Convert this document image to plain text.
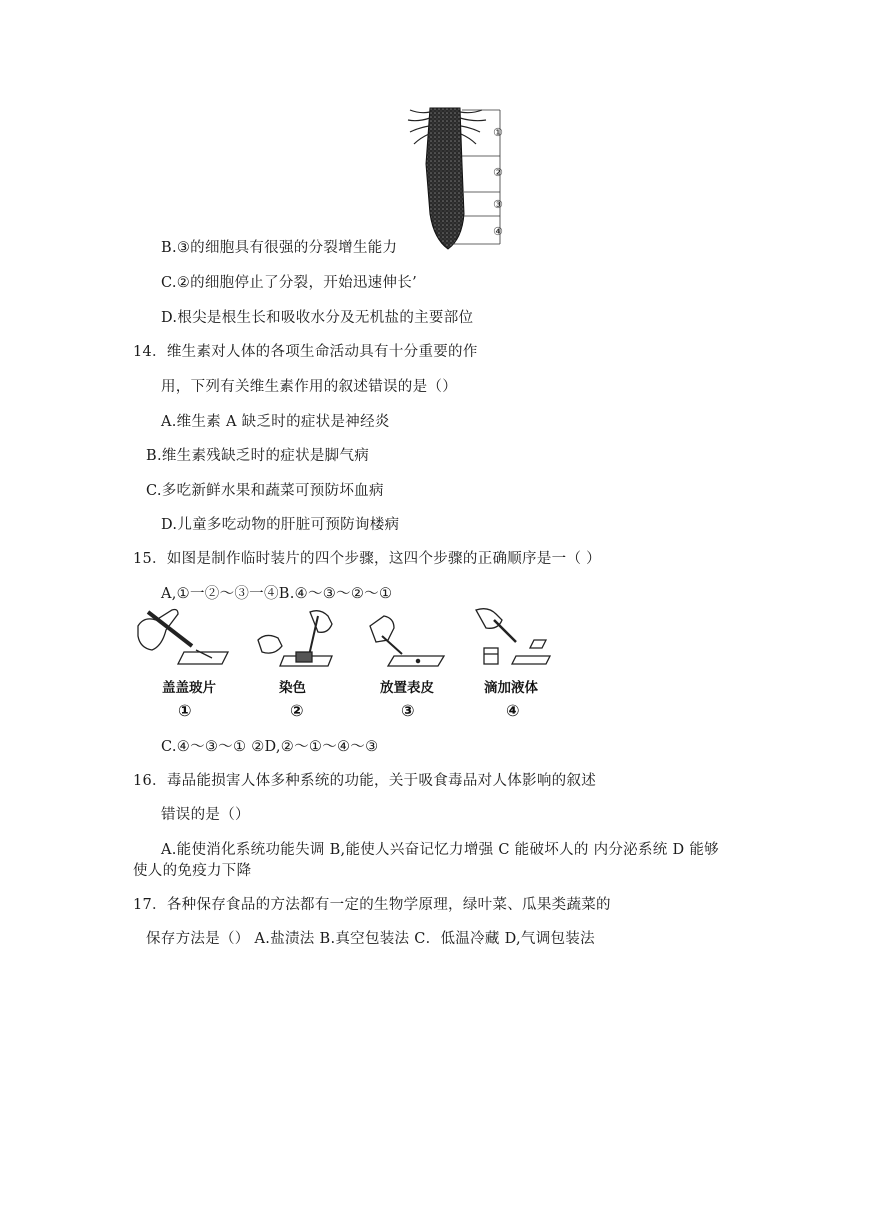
①
②
③
④
B.③的细胞具有很强的分裂增生能力
C.②的细胞停止了分裂，开始迅速伸长’
D.根尖是根生长和吸收水分及无机盐的主要部位
14．维生素对人体的各项生命活动具有十分重要的作
用，下列有关维生素作用的叙述错误的是（）
A.维生素 A 缺乏时的症状是神经炎
B.维生素残缺乏时的症状是脚气病
C.多吃新鲜水果和蔬菜可预防坏血病
D.儿童多吃动物的肝脏可预防询楼病
15．如图是制作临时装片的四个步骤，这四个步骤的正确顺序是一（ ）
A,①一②～③一④B.④～③～②～①
盖盖玻片	染色	放置表皮	滴加液体
①	②	③	④
C.④～③～① ②D,②～①～④～③
16．毒品能损害人体多种系统的功能，关于吸食毒品对人体影响的叙述
错误的是（）
A.能使消化系统功能失调 B,能使人兴奋记忆力增强 C 能破坏人的 内分泌系统 D 能够
使人的免疫力下降
17．各种保存食品的方法都有一定的生物学原理，绿叶菜、瓜果类蔬菜的
保存方法是（） A.盐渍法 B.真空包装法 C．低温冷藏 D,气调包装法
